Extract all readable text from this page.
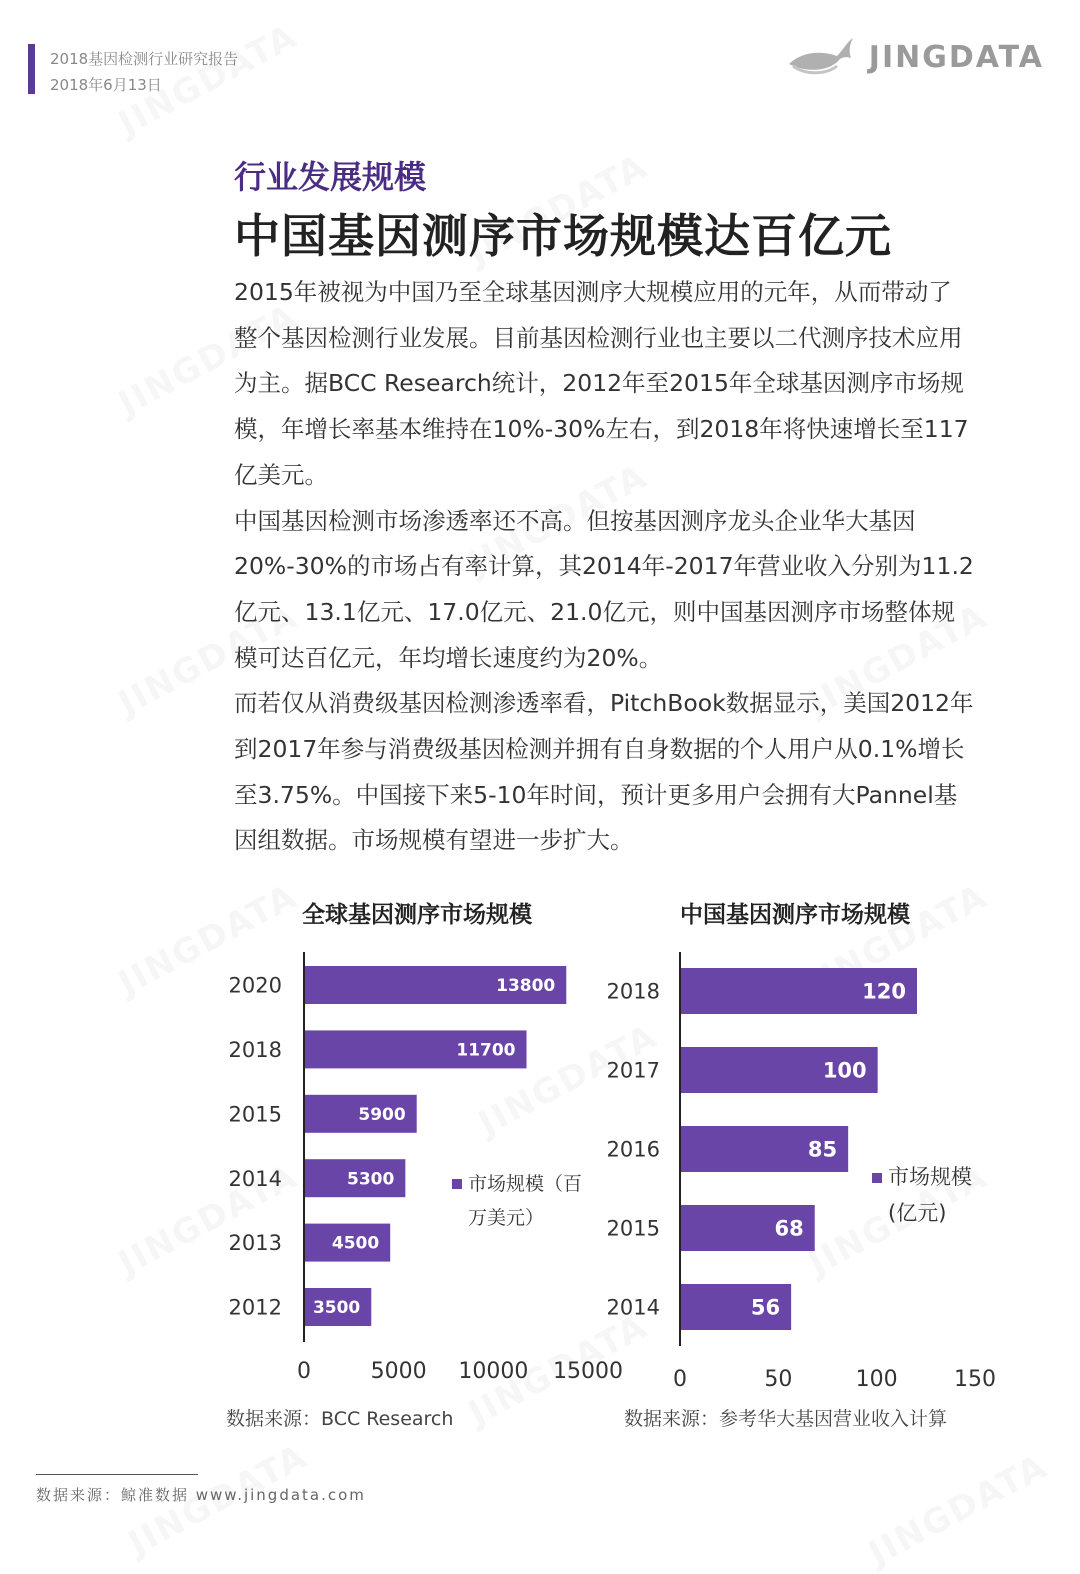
2018基因检测行业研究报告
2018年6月13日
JINGDATA
行业发展规模
中国基因测序市场规模达百亿元

2015年被视为中国乃至全球基因测序大规模应用的元年，从而带动了整个基因检测行业发展。目前基因检测行业也主要以二代测序技术应用为主。据BCC Research统计，2012年至2015年全球基因测序市场规模，年增长率基本维持在10%-30%左右，到2018年将快速增长至117亿美元。

中国基因检测市场渗透率还不高。但按基因测序龙头企业华大基因20%-30%的市场占有率计算，其2014年-2017年营业收入分别为11.2亿元、13.1亿元、17.0亿元、21.0亿元，则中国基因测序市场整体规模可达百亿元，年均增长速度约为20%。

而若仅从消费级基因检测渗透率看，PitchBook数据显示，美国2012年到2017年参与消费级基因检测并拥有自身数据的个人用户从0.1%增长至3.75%。中国接下来5-10年时间，预计更多用户会拥有大Pannel基因组数据。市场规模有望进一步扩大。

全球基因测序市场规模	中国基因测序市场规模
数据来源：BCC Research	数据来源：参考华大基因营业收入计算
13800
2020
11700
2018
5900
2015
5300
2014
4500
2013
3500
2012
0	5000 10000 15000
市场规模（百
万美元）
120
2018
100
2017
85
2016
68
2015
56
2014
0	50	100	150
市场规模
(亿元)
数据来源：鲸准数据 www.jingdata.com
